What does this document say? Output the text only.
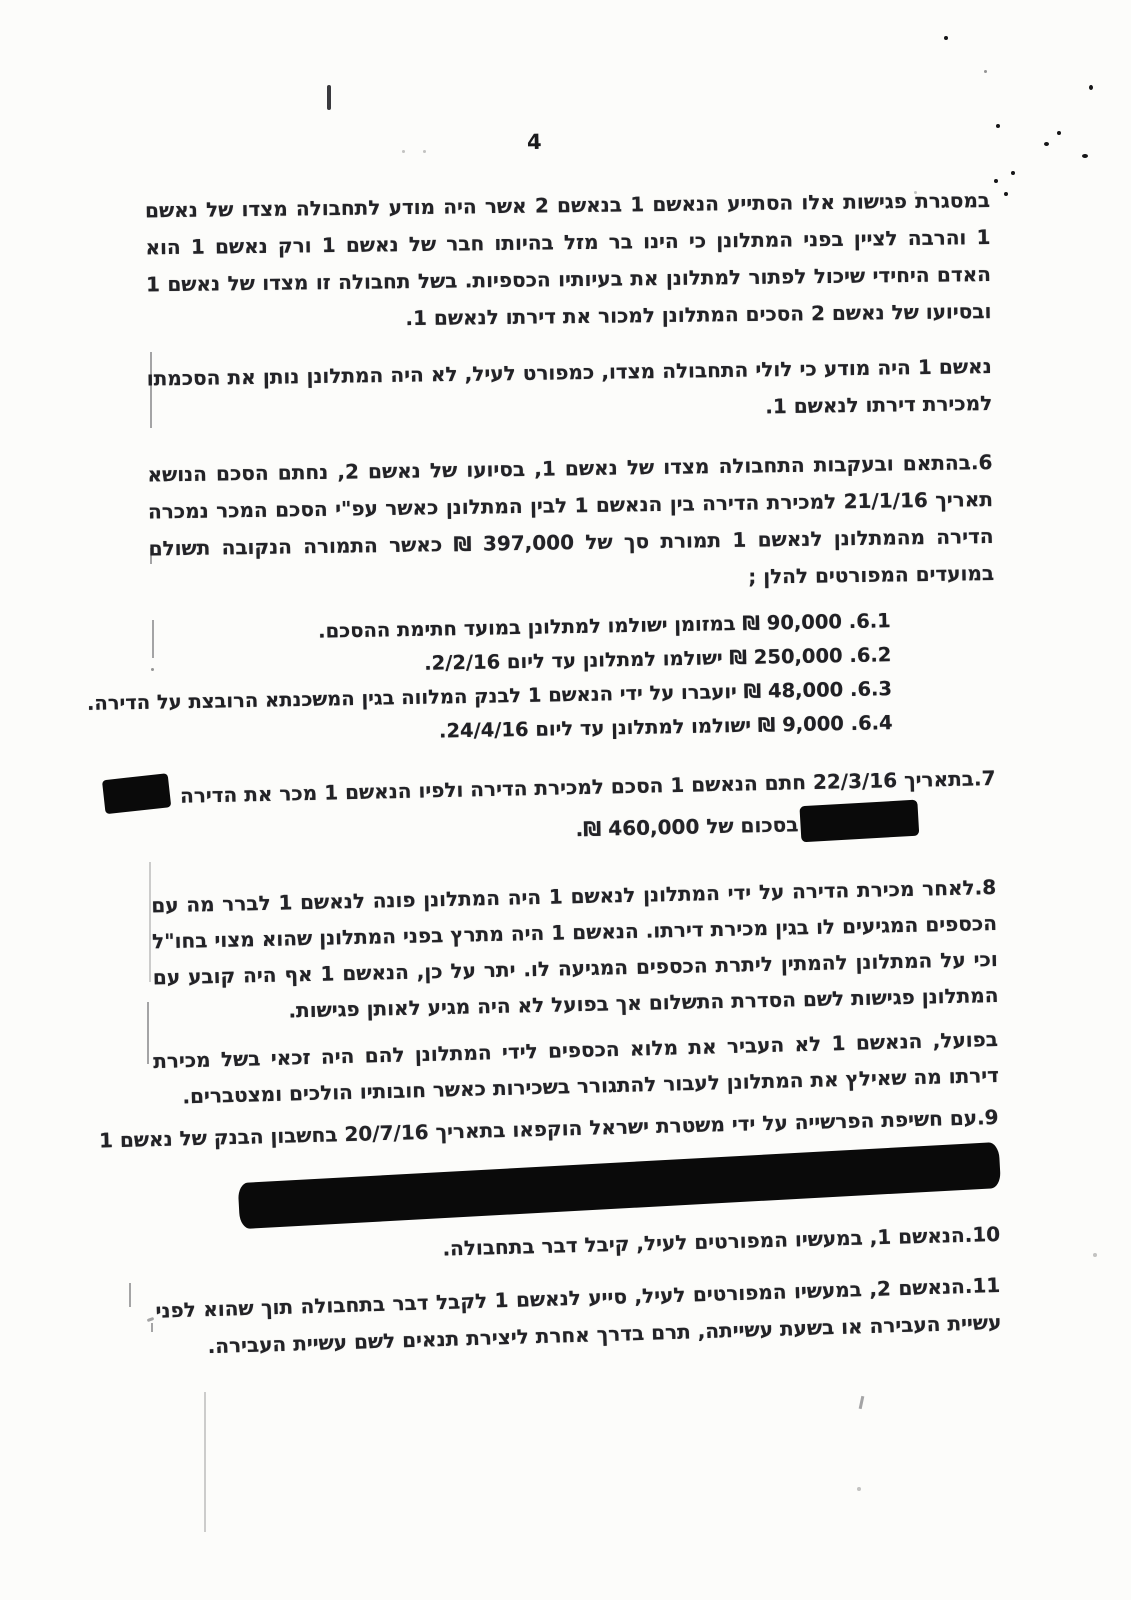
4
במסגרת פגישות אלו הסתייע הנאשם 1 בנאשם 2 אשר היה מודע לתחבולה מצדו של נאשם 1 והרבה לציין בפני המתלונן כי הינו בר מזל בהיותו חבר של נאשם 1 ורק נאשם 1 הוא האדם היחידי שיכול לפתור למתלונן את בעיותיו הכספיות. בשל תחבולה זו מצדו של נאשם 1 ובסיועו של נאשם 2 הסכים המתלונן למכור את דירתו לנאשם 1.
נאשם 1 היה מודע כי לולי התחבולה מצדו, כמפורט לעיל, לא היה המתלונן נותן את הסכמתו למכירת דירתו לנאשם 1.
6.בהתאם ובעקבות התחבולה מצדו של נאשם 1, בסיועו של נאשם 2, נחתם הסכם הנושא תאריך 21/1/16 למכירת הדירה בין הנאשם 1 לבין המתלונן כאשר עפ"י הסכם המכר נמכרה הדירה מהמתלונן לנאשם 1 תמורת סך של 397,000 ₪ כאשר התמורה הנקובה תשולם במועדים המפורטים להלן ;
6.1. 90,000 ₪ במזומן ישולמו למתלונן במועד חתימת ההסכם.
6.2. 250,000 ₪ ישולמו למתלונן עד ליום 2/2/16.
6.3. 48,000 ₪ יועברו על ידי הנאשם 1 לבנק המלווה בגין המשכנתא הרובצת על הדירה.
6.4. 9,000 ₪ ישולמו למתלונן עד ליום 24/4/16.
7.בתאריך 22/3/16 חתם הנאשם 1 הסכם למכירת הדירה ולפיו הנאשם 1 מכר את הדירה
בסכום של 460,000 ₪.
8.לאחר מכירת הדירה על ידי המתלונן לנאשם 1 היה המתלונן פונה לנאשם 1 לברר מה עם הכספים המגיעים לו בגין מכירת דירתו. הנאשם 1 היה מתרץ בפני המתלונן שהוא מצוי בחו"ל וכי על המתלונן להמתין ליתרת הכספים המגיעה לו. יתר על כן, הנאשם 1 אף היה קובע עם המתלונן פגישות לשם הסדרת התשלום אך בפועל לא היה מגיע לאותן פגישות.
בפועל, הנאשם 1 לא העביר את מלוא הכספים לידי המתלונן להם היה זכאי בשל מכירת דירתו מה שאילץ את המתלונן לעבור להתגורר בשכירות כאשר חובותיו הולכים ומצטברים.
9.עם חשיפת הפרשייה על ידי משטרת ישראל הוקפאו בתאריך 20/7/16 בחשבון הבנק של נאשם 1
10.הנאשם 1, במעשיו המפורטים לעיל, קיבל דבר בתחבולה.
11.הנאשם 2, במעשיו המפורטים לעיל, סייע לנאשם 1 לקבל דבר בתחבולה תוך שהוא לפני עשיית העבירה או בשעת עשייתה, תרם בדרך אחרת ליצירת תנאים לשם עשיית העבירה.
